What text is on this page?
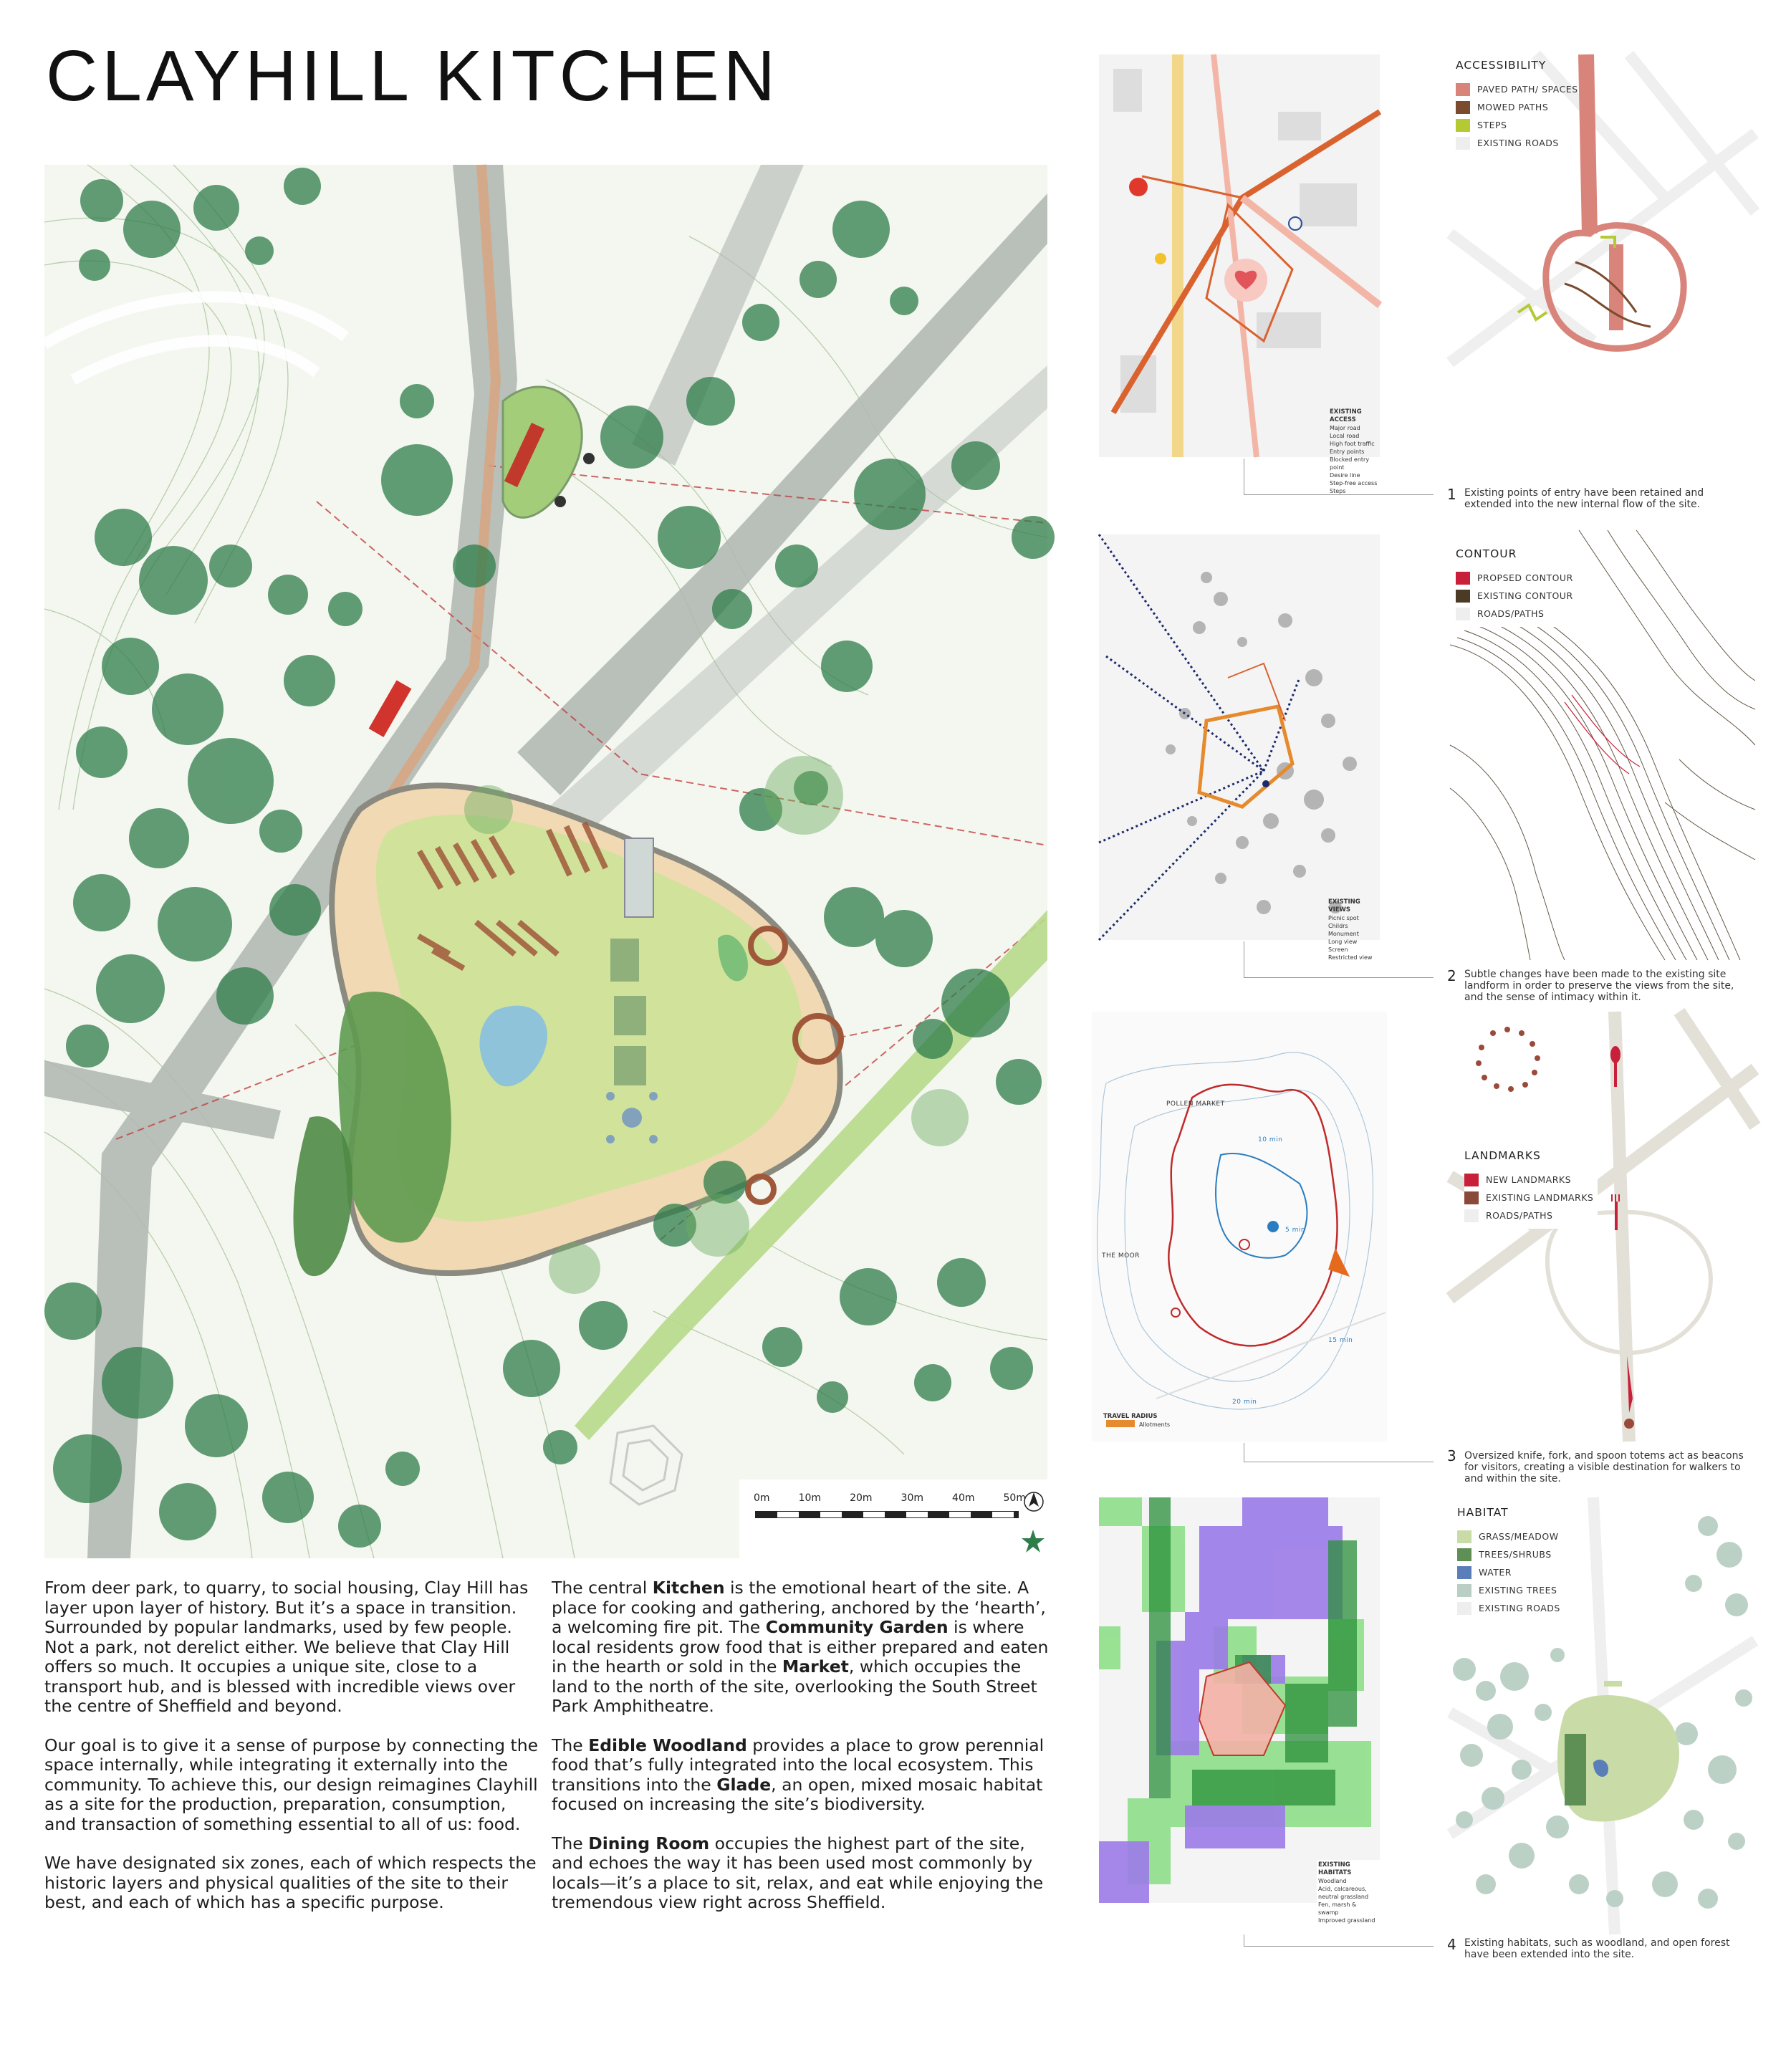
CLAYHILL KITCHEN
0m	10m	20m	30m	40m	50m

From deer park, to quarry, to social housing, Clay Hill has layer upon layer of history. But it’s a space in transition. Surrounded by popular landmarks, used by few people. Not a park, not derelict either. We believe that Clay Hill offers so much. It occupies a unique site, close to a transport hub, and is blessed with incredible views over the centre of Sheffield and beyond.

Our goal is to give it a sense of purpose by connecting the space internally, while integrating it externally into the community. To achieve this, our design reimagines Clayhill as a site for the production, preparation, consumption, and transaction of something essential to all of us: food.

We have designated six zones, each of which respects the historic layers and physical qualities of the site to their best, and each of which has a specific purpose.

The central Kitchen is the emotional heart of the site. A place for cooking and gathering, anchored by the ‘hearth’, a welcoming fire pit. The Community Garden is where local residents grow food that is either prepared and eaten in the hearth or sold in the Market, which occupies the land to the north of the site, overlooking the South Street Park Amphitheatre.

The Edible Woodland provides a place to grow perennial food that’s fully integrated into the local ecosystem. This transitions into the Glade, an open, mixed mosaic habitat focused on increasing the site’s biodiversity.

The Dining Room occupies the highest part of the site, and echoes the way it has been used most commonly by locals—it’s a place to sit, relax, and eat while enjoying the tremendous view right across Sheffield.

EXISTING ACCESS
Major road
Local road
High foot traffic
Entry points
Blocked entry point
Desire line
Step-free access
Steps
ACCESSIBILITY
PAVED PATH/ SPACES
MOWED PATHS
STEPS
EXISTING ROADS
1 Existing points of entry have been retained and extended into the new internal flow of the site.
EXISTING VIEWS
Picnic spot
Childrs Monument
Long view
Screen
Restricted view
CONTOUR
PROPSED CONTOUR
EXISTING CONTOUR
ROADS/PATHS
2 Subtle changes have been made to the existing site landform in order to preserve the views from the site, and the sense of intimacy within it.
POLLEN MARKET
THE MOOR
5 min
10 min
15 min
20 min
TRAVEL RADIUS
Allotments
LANDMARKS
NEW LANDMARKS
EXISTING LANDMARKS
ROADS/PATHS
3 Oversized knife, fork, and spoon totems act as beacons for visitors, creating a visible destination for walkers to and within the site.
EXISTING HABITATS
Woodland
Acid, calcareous, neutral grassland
Fen, marsh & swamp
Improved grassland
HABITAT
GRASS/MEADOW
TREES/SHRUBS
WATER
EXISTING TREES
EXISTING ROADS
4 Existing habitats, such as woodland, and open forest have been extended into the site.
